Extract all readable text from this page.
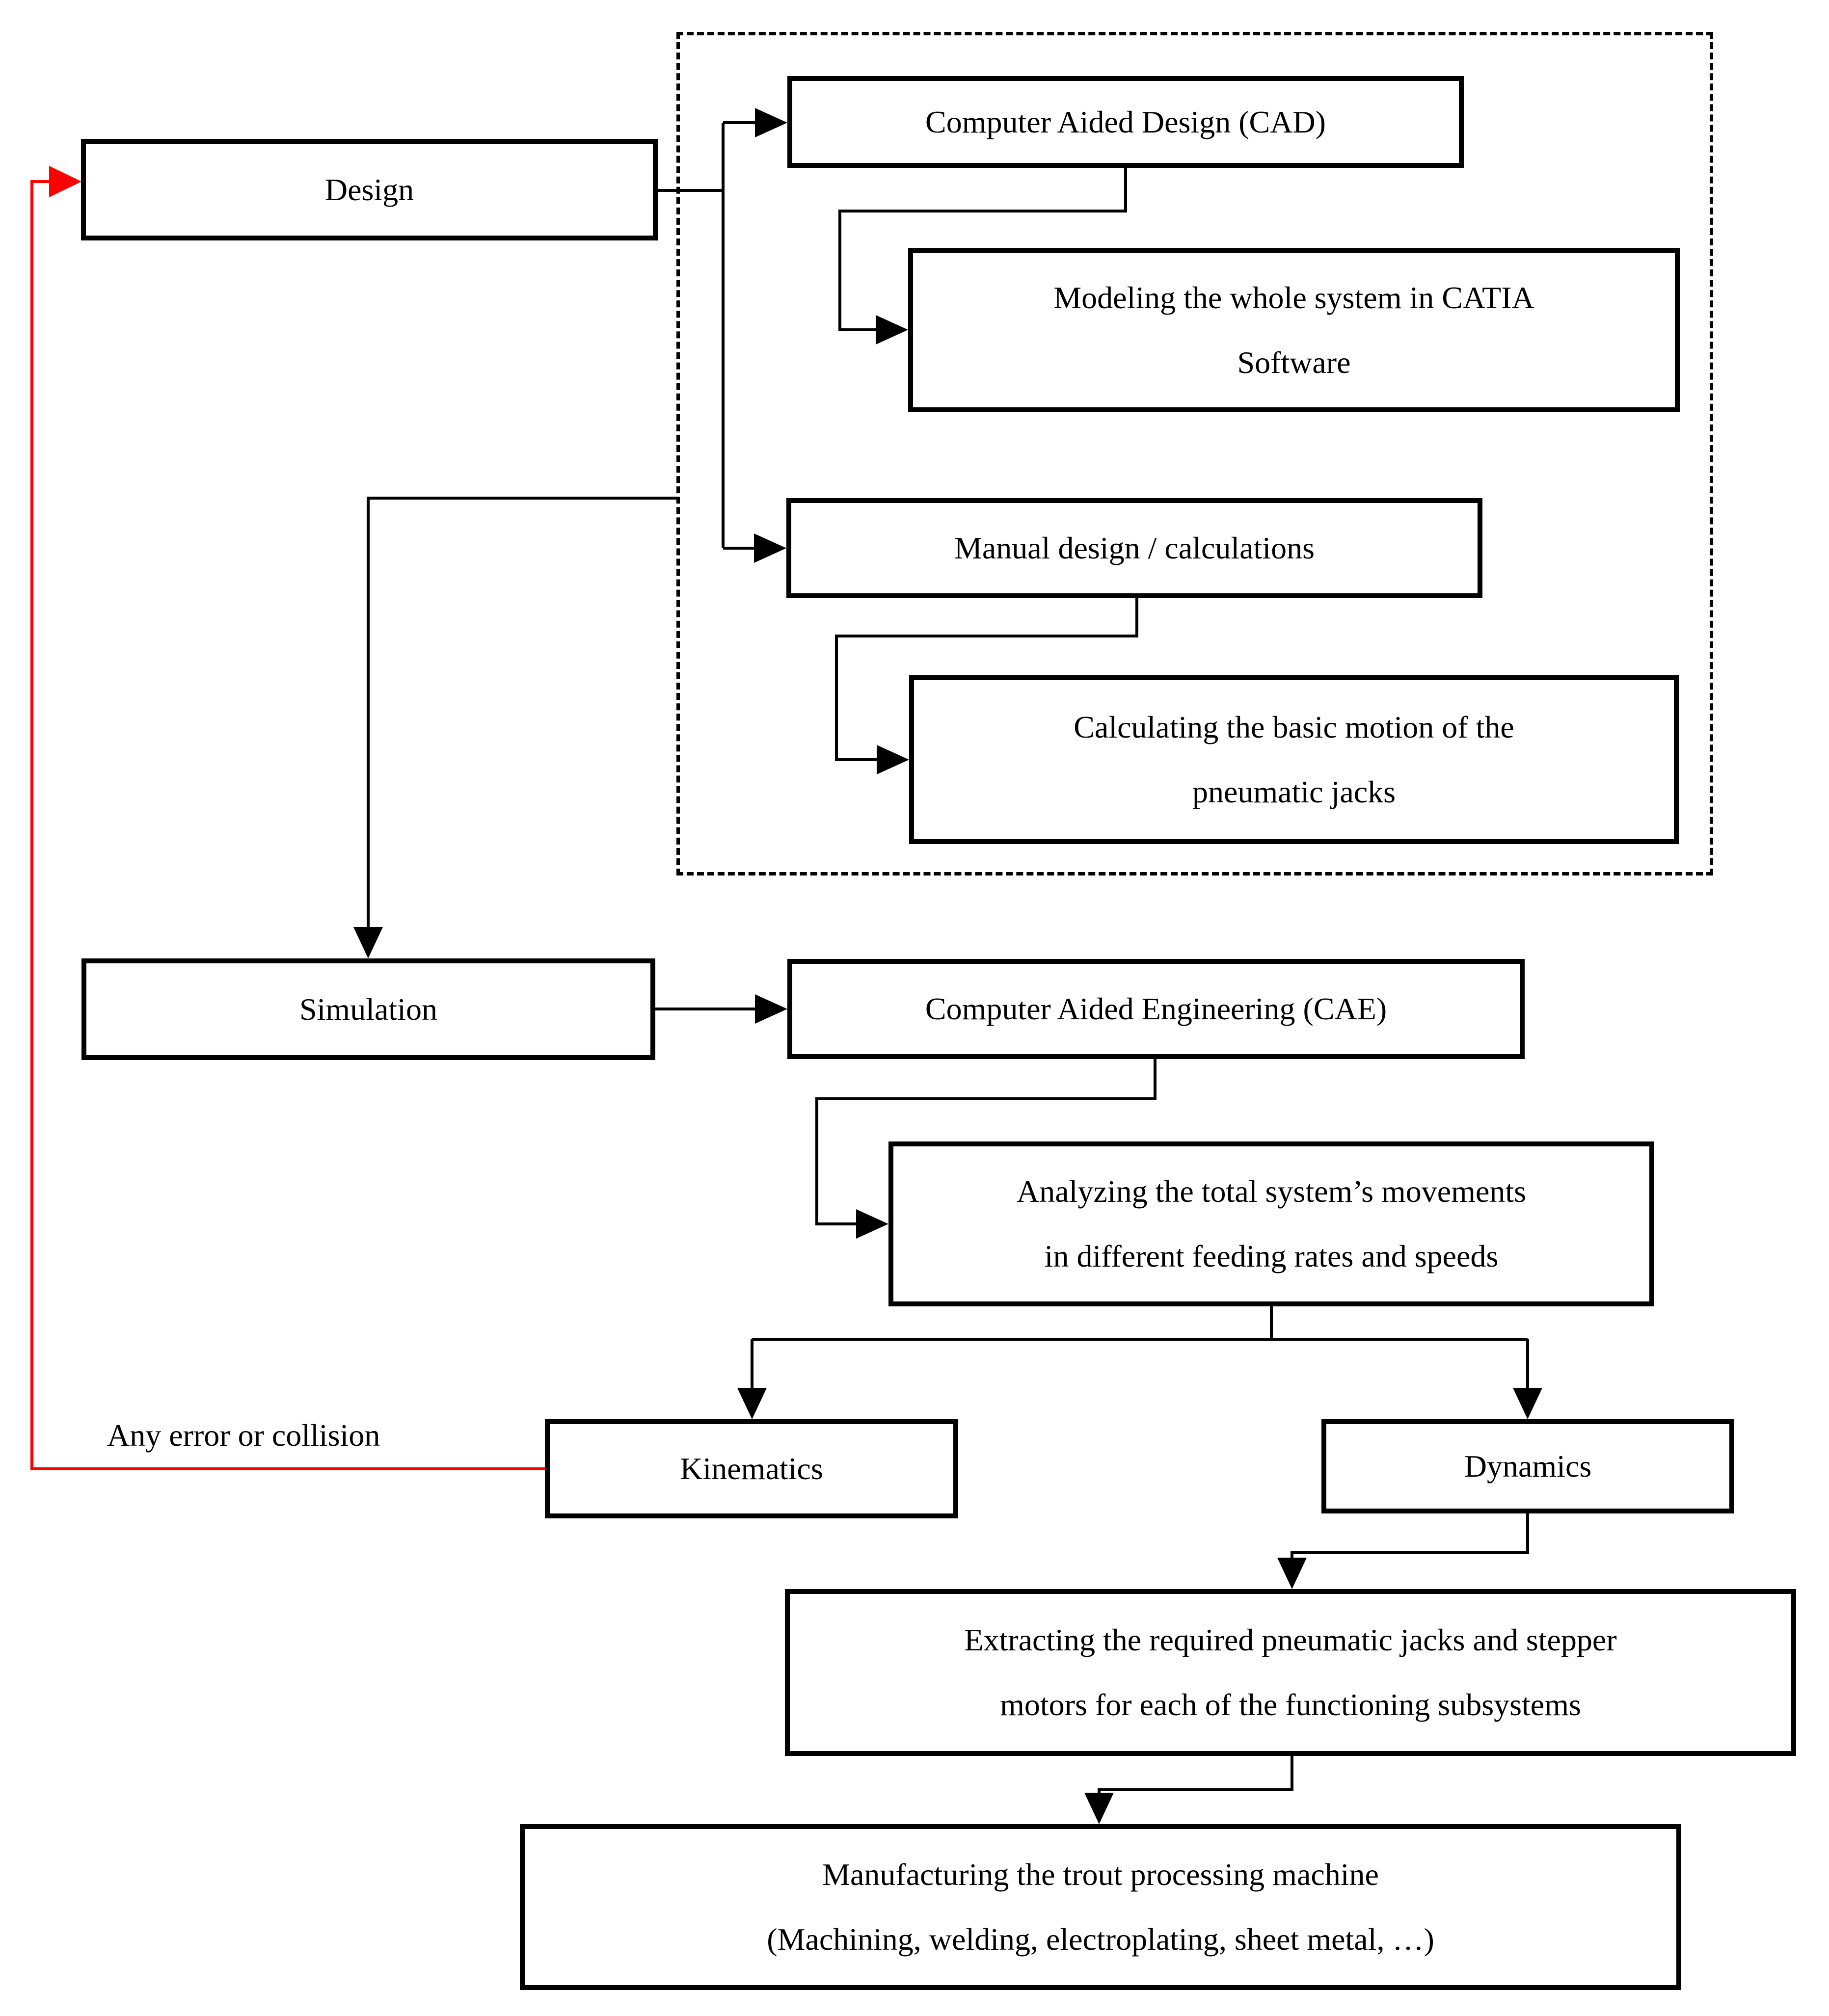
Design
Computer Aided Design (CAD)
Modeling the whole system in CATIA
Software
Manual design / calculations
Calculating the basic motion of the
pneumatic jacks
Simulation	Computer Aided Engineering (CAE)
Analyzing the total system’s movements
in different feeding rates and speeds
Kinematics	Dynamics
Extracting the required pneumatic jacks and stepper
motors for each of the functioning subsystems
Manufacturing the trout processing machine
(Machining, welding, electroplating, sheet metal, …)
Any error or collision
